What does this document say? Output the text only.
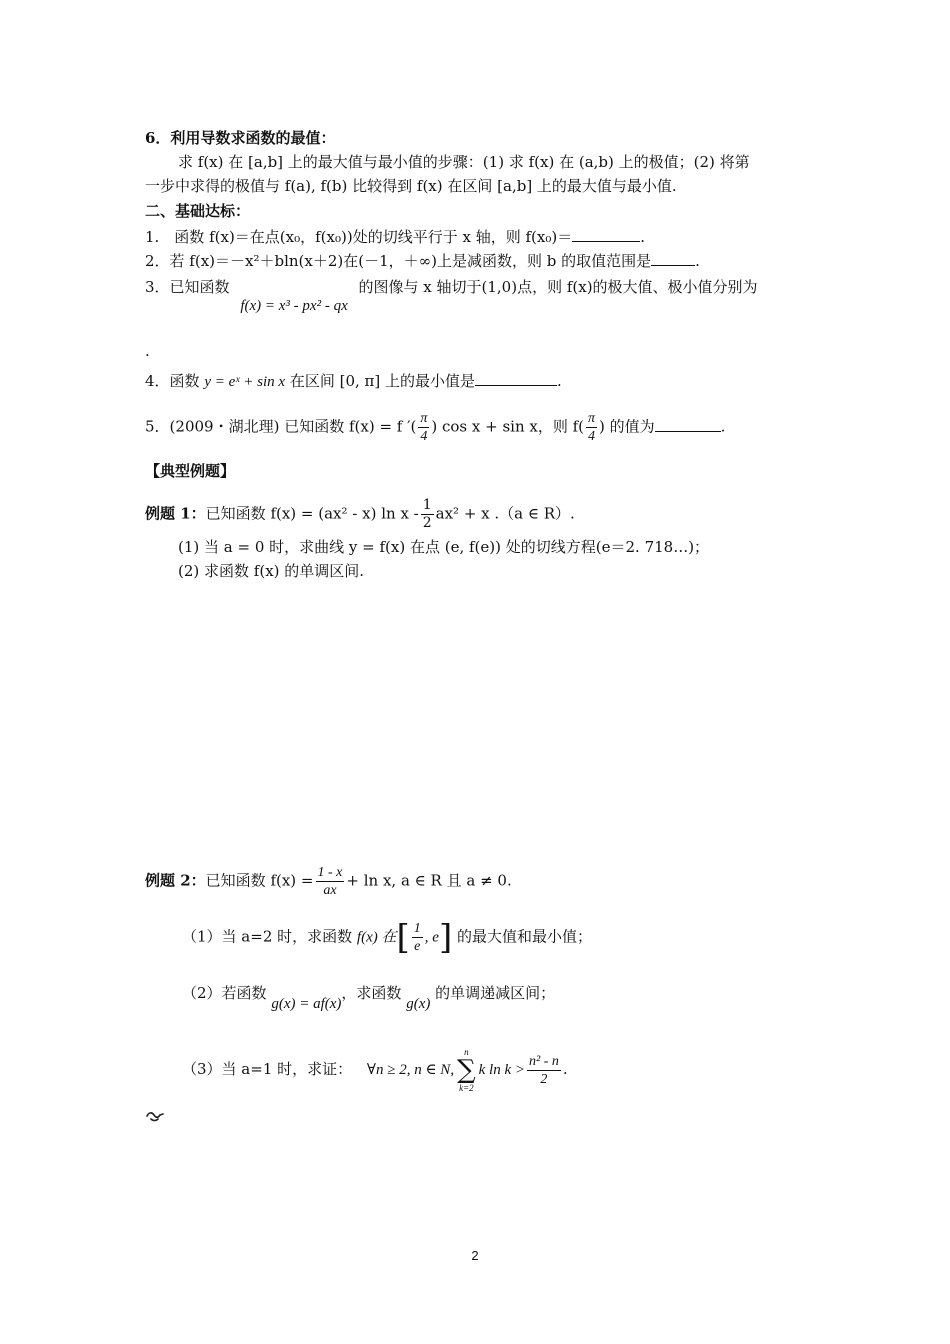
6．利用导数求函数的最值：
求 f(x) 在 [a,b] 上的最大值与最小值的步骤：(1) 求 f(x) 在 (a,b) 上的极值；(2) 将第
一步中求得的极值与 f(a), f(b) 比较得到 f(x) 在区间 [a,b] 上的最大值与最小值.
二、基础达标：
1.　函数 f(x)＝在点(x₀，f(x₀))处的切线平行于 x 轴，则 f(x₀)＝	.
2．若 f(x)＝－x²＋bln(x＋2)在(－1，＋∞)上是减函数，则 b 的取值范围是	.
3．已知函数 f(x) = x³ - px² - qx 的图像与 x 轴切于(1,0)点，则 f(x)的极大值、极小值分别为
.
4．函数 y = eˣ + sin x 在区间 [0, π] 上的最小值是	.
5．(2009・湖北理) 已知函数 f(x) = f ′( $\frac{\pi}{4}$ ) cos x + sin x，则 $f( \frac{\pi}{4}$ ) 的值为	.
【典型例题】
例题 1：已知函数 f(x) = (ax² - x) $\ln x - \frac{1}{2} ax^2 + x$ .（a ∈ R）.
(1) 当 a = 0 时，求曲线 y = f(x) 在点 (e, f(e)) 处的切线方程(e＝2. 718…)；
(2) 求函数 f(x) 的单调区间.
例题 2：已知函数 $f(x) = \frac{1 - x}{ax} + \ln x$, a ∈ R 且 a ≠ 0.
（1）当 a=2 时，求函数 f(x) 在[ $\frac{1}{e}$ , e] 的最大值和最小值；
（2）若函数 g(x) = af(x)，求函数 g(x) 的单调递减区间；
（3）当 a=1 时，求证： ∀n ≥ 2, n ∈ N,
n
∑
k=2
k $\ln k > \frac{\text{n² - n}}{2}$ .
2
